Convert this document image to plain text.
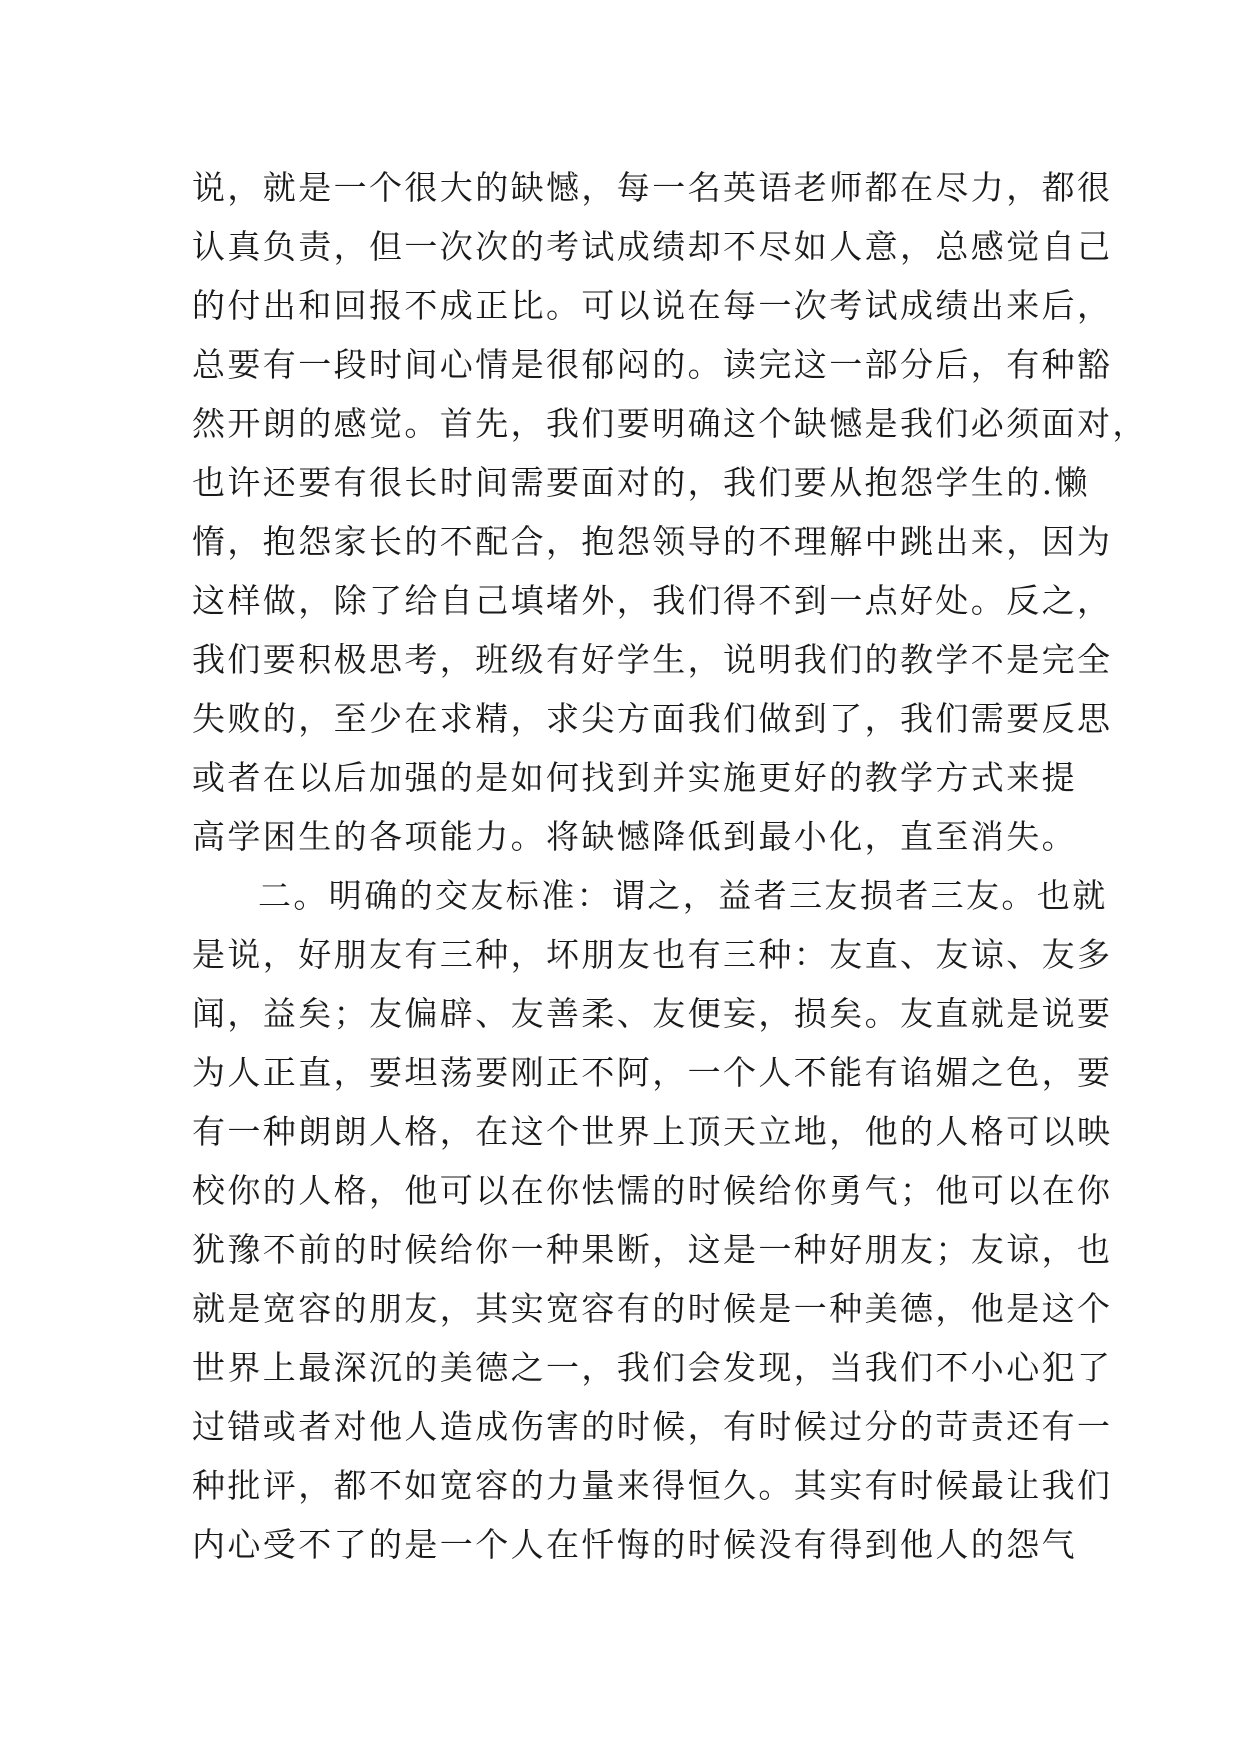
说，就是一个很大的缺憾，每一名英语老师都在尽力，都很
认真负责，但一次次的考试成绩却不尽如人意，总感觉自己
的付出和回报不成正比。可以说在每一次考试成绩出来后，
总要有一段时间心情是很郁闷的。读完这一部分后，有种豁
然开朗的感觉。首先，我们要明确这个缺憾是我们必须面对，
也许还要有很长时间需要面对的，我们要从抱怨学生的.懒
惰，抱怨家长的不配合，抱怨领导的不理解中跳出来，因为
这样做，除了给自己填堵外，我们得不到一点好处。反之，
我们要积极思考，班级有好学生，说明我们的教学不是完全
失败的，至少在求精，求尖方面我们做到了，我们需要反思
或者在以后加强的是如何找到并实施更好的教学方式来提
高学困生的各项能力。将缺憾降低到最小化，直至消失。
二。明确的交友标准：谓之，益者三友损者三友。也就
是说，好朋友有三种，坏朋友也有三种：友直、友谅、友多
闻，益矣；友偏辟、友善柔、友便妄，损矣。友直就是说要
为人正直，要坦荡要刚正不阿，一个人不能有谄媚之色，要
有一种朗朗人格，在这个世界上顶天立地，他的人格可以映
校你的人格，他可以在你怯懦的时候给你勇气；他可以在你
犹豫不前的时候给你一种果断，这是一种好朋友；友谅，也
就是宽容的朋友，其实宽容有的时候是一种美德，他是这个
世界上最深沉的美德之一，我们会发现，当我们不小心犯了
过错或者对他人造成伤害的时候，有时候过分的苛责还有一
种批评，都不如宽容的力量来得恒久。其实有时候最让我们
内心受不了的是一个人在忏悔的时候没有得到他人的怨气
